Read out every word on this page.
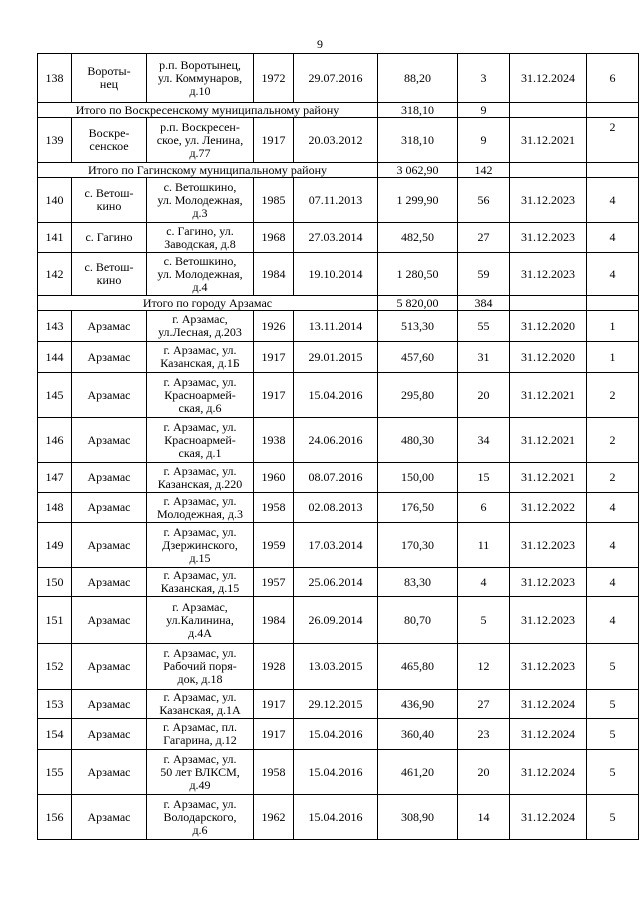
9
138	Вороты-
нец	р.п. Воротынец,
ул. Коммунаров,
д.10	1972	29.07.2016	88,20	3	31.12.2024	6
Итого по Воскресенскому муниципальному району					318,10	9		
139	Воскре-
сенское	р.п. Воскресен-
ское, ул. Ленина,
д.77	1917	20.03.2012	318,10	9	31.12.2021	2
Итого по Гагинскому муниципальному району					3 062,90	142		
140	с. Ветош-
кино	с. Ветошкино,
ул. Молодежная,
д.3	1985	07.11.2013	1 299,90	56	31.12.2023	4
141	с. Гагино	с. Гагино, ул.
Заводская, д.8	1968	27.03.2014	482,50	27	31.12.2023	4
142	с. Ветош-
кино	с. Ветошкино,
ул. Молодежная,
д.4	1984	19.10.2014	1 280,50	59	31.12.2023	4
Итого по городу Арзамас					5 820,00	384		
143	Арзамас	г. Арзамас,
ул.Лесная, д.203	1926	13.11.2014	513,30	55	31.12.2020	1
144	Арзамас	г. Арзамас, ул.
Казанская, д.1Б	1917	29.01.2015	457,60	31	31.12.2020	1
145	Арзамас	г. Арзамас, ул.
Красноармей-
ская, д.6	1917	15.04.2016	295,80	20	31.12.2021	2
146	Арзамас	г. Арзамас, ул.
Красноармей-
ская, д.1	1938	24.06.2016	480,30	34	31.12.2021	2
147	Арзамас	г. Арзамас, ул.
Казанская, д.220	1960	08.07.2016	150,00	15	31.12.2021	2
148	Арзамас	г. Арзамас, ул.
Молодежная, д.3	1958	02.08.2013	176,50	6	31.12.2022	4
149	Арзамас	г. Арзамас, ул.
Дзержинского,
д.15	1959	17.03.2014	170,30	11	31.12.2023	4
150	Арзамас	г. Арзамас, ул.
Казанская, д.15	1957	25.06.2014	83,30	4	31.12.2023	4
151	Арзамас	г. Арзамас,
ул.Калинина,
д.4А	1984	26.09.2014	80,70	5	31.12.2023	4
152	Арзамас	г. Арзамас, ул.
Рабочий поря-
док, д.18	1928	13.03.2015	465,80	12	31.12.2023	5
153	Арзамас	г. Арзамас, ул.
Казанская, д.1А	1917	29.12.2015	436,90	27	31.12.2024	5
154	Арзамас	г. Арзамас, пл.
Гагарина, д.12	1917	15.04.2016	360,40	23	31.12.2024	5
155	Арзамас	г. Арзамас, ул.
50 лет ВЛКСМ,
д.49	1958	15.04.2016	461,20	20	31.12.2024	5
156	Арзамас	г. Арзамас, ул.
Володарского,
д.6	1962	15.04.2016	308,90	14	31.12.2024	5
